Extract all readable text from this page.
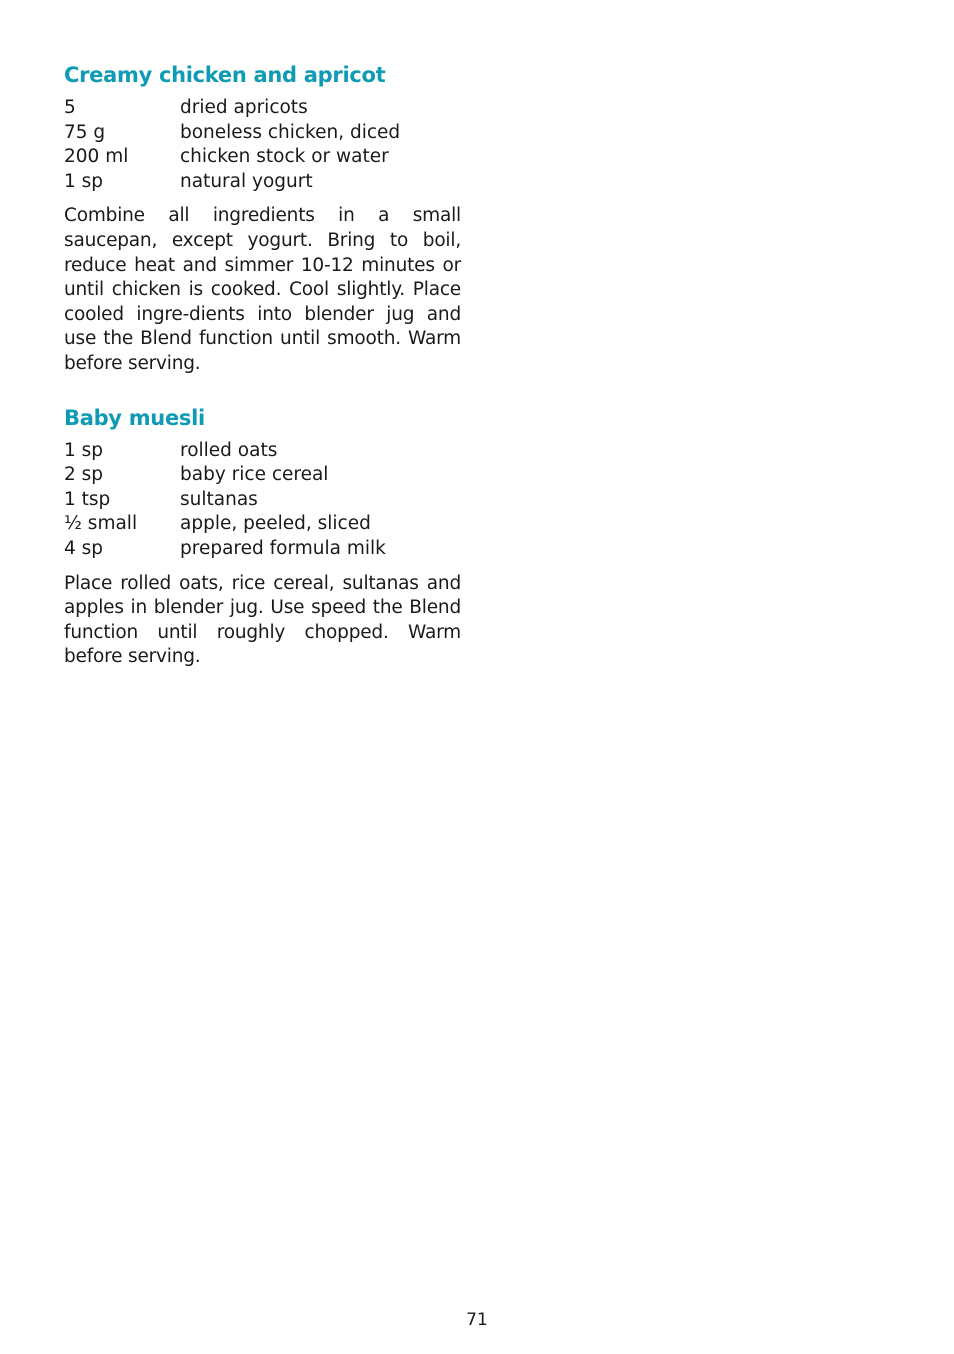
Creamy chicken and apricot
5	dried apricots
75 g	boneless chicken, diced
200 ml	chicken stock or water
1 sp	natural yogurt

Combine all ingredients in a small saucepan, except yogurt. Bring to boil, reduce heat and simmer 10-12 minutes or until chicken is cooked. Cool slightly. Place cooled ingre-dients into blender jug and use the Blend function until smooth. Warm before serving.

Baby muesli
1 sp	rolled oats
2 sp	baby rice cereal
1 tsp	sultanas
½ small	apple, peeled, sliced
4 sp	prepared formula milk

Place rolled oats, rice cereal, sultanas and apples in blender jug. Use speed the Blend function until roughly chopped. Warm before serving.

71
